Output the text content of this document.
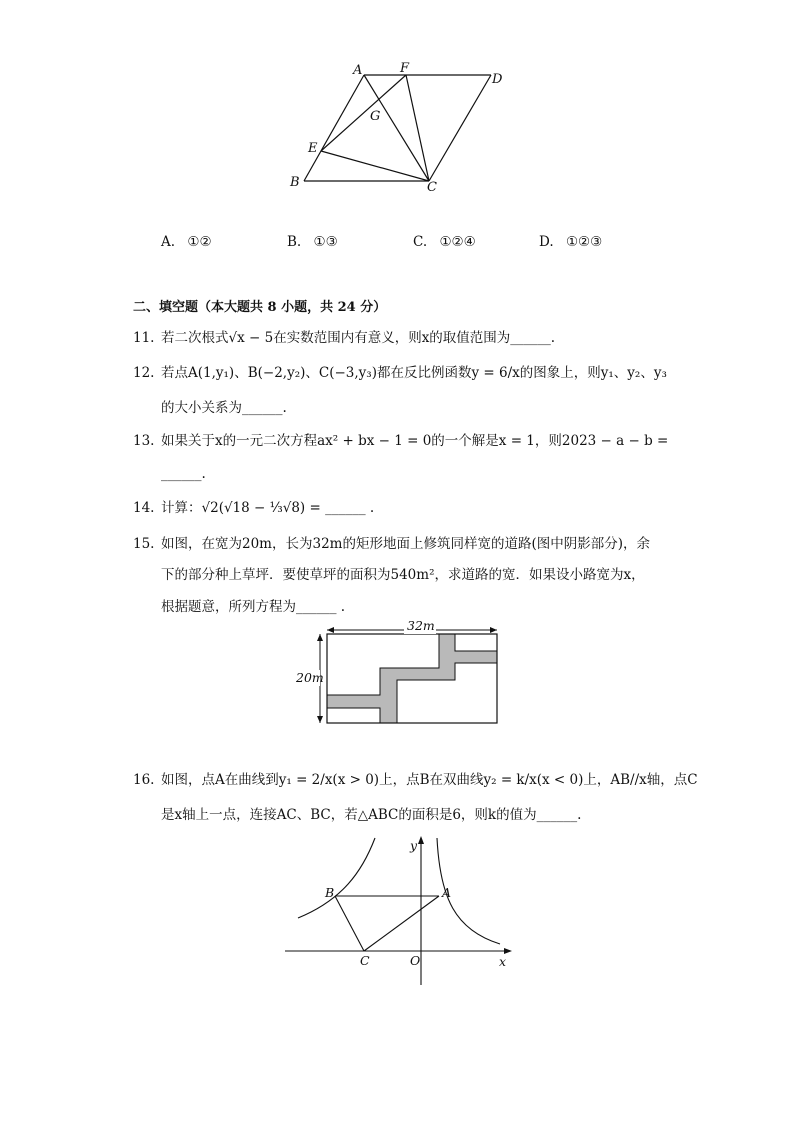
A	F
D
G
E
B	C
A. ①②	B. ①③	C. ①②④	D. ①②③
二、填空题（本大题共 8 小题，共 24 分）
11. 若二次根式√x − 5在实数范围内有意义，则x的取值范围为______.
12. 若点A(1,y₁)、B(−2,y₂)、C(−3,y₃)都在反比例函数y = 6/x的图象上，则y₁、y₂、y₃
的大小关系为______.
13. 如果关于x的一元二次方程ax² + bx − 1 = 0的一个解是x = 1，则2023 − a − b =
______.
14. 计算：√2(√18 − ⅓√8) = ______ .
15. 如图，在宽为20m，长为32m的矩形地面上修筑同样宽的道路(图中阴影部分)，余
下的部分种上草坪．要使草坪的面积为540m²，求道路的宽．如果设小路宽为x，
根据题意，所列方程为______ .
32m
20m
16. 如图，点A在曲线到y₁ = 2/x(x > 0)上，点B在双曲线y₂ = k/x(x < 0)上，AB//x轴，点C
是x轴上一点，连接AC、BC，若△ABC的面积是6，则k的值为______.
y
x
B	A
C	O
